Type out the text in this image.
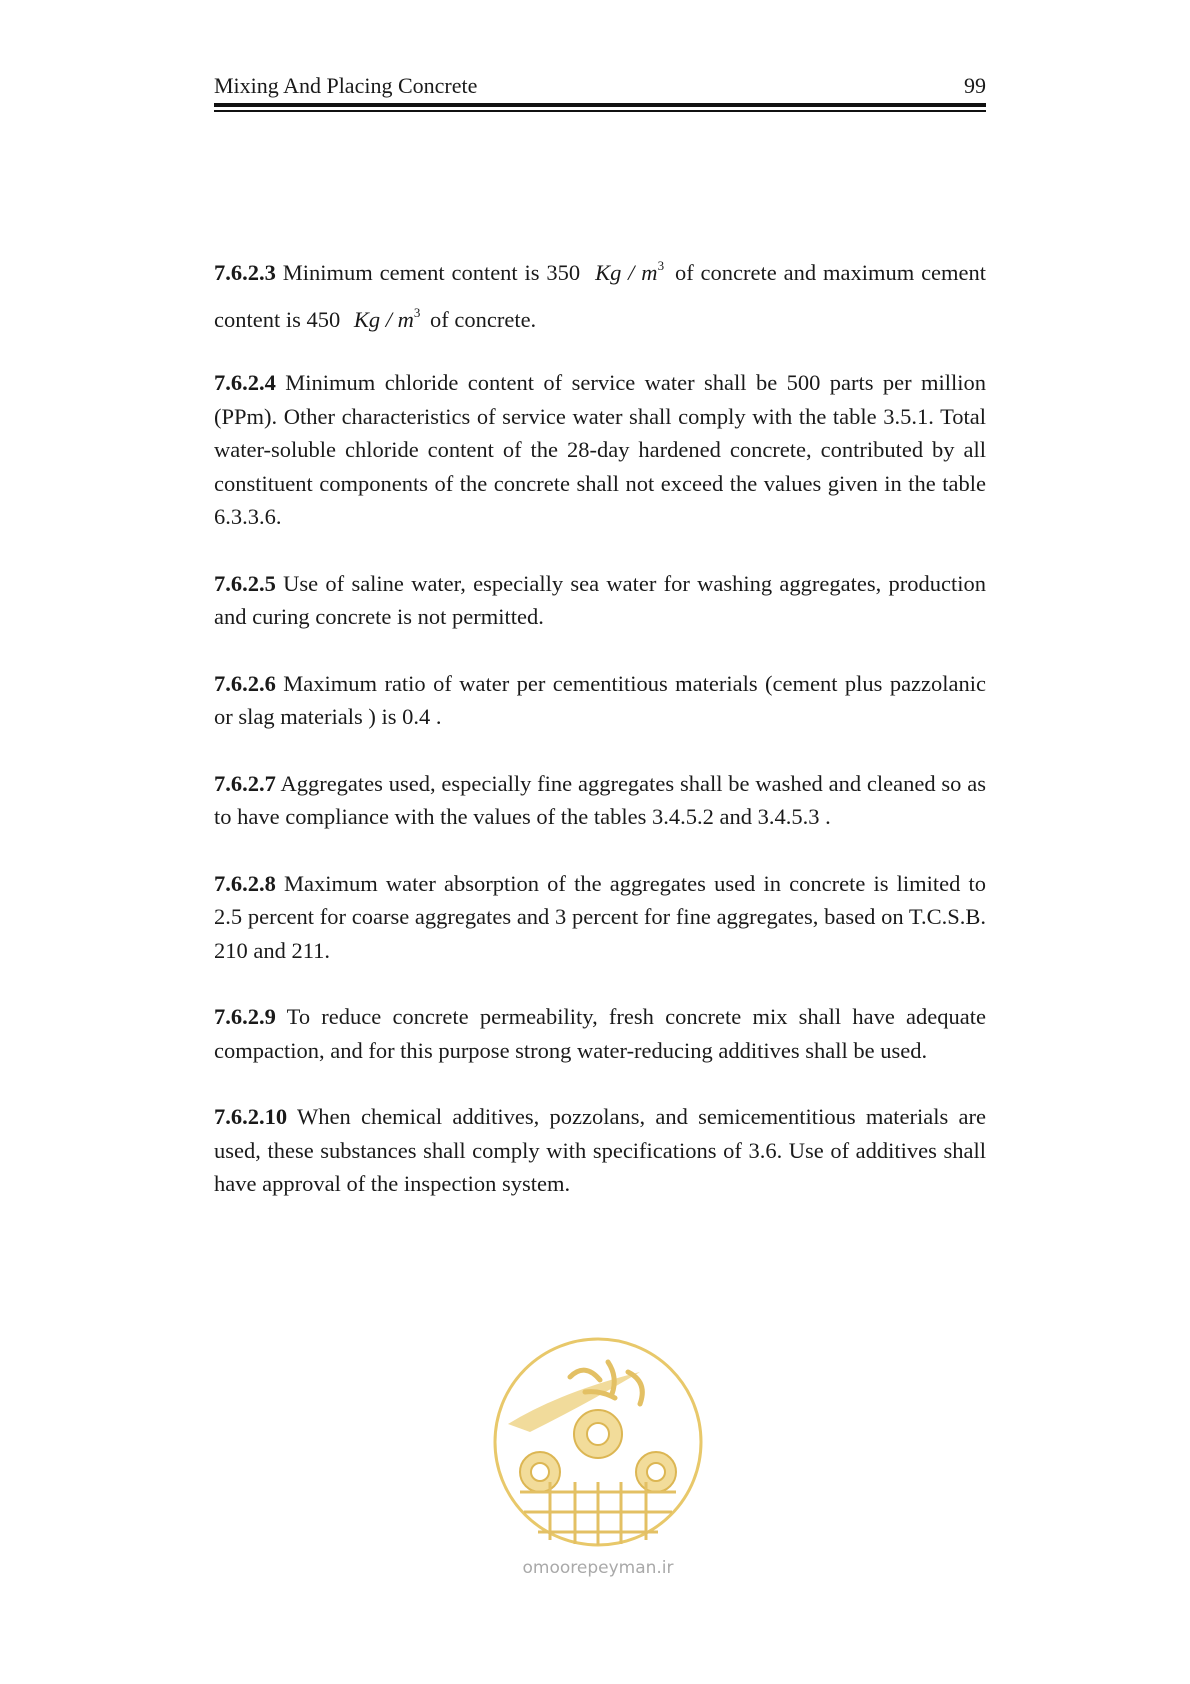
Mixing And Placing Concrete	99

7.6.2.3 Minimum cement content is 350 Kg / $m^3$ of concrete and maximum cement content is 450 Kg / $m^3$ of concrete.

7.6.2.4 Minimum chloride content of service water shall be 500 parts per million (PPm). Other characteristics of service water shall comply with the table 3.5.1. Total water-soluble chloride content of the 28-day hardened concrete, contributed by all constituent components of the concrete shall not exceed the values given in the table 6.3.3.6.

7.6.2.5 Use of saline water, especially sea water for washing aggregates, production and curing concrete is not permitted.

7.6.2.6 Maximum ratio of water per cementitious materials (cement plus pazzolanic or slag materials ) is 0.4 .

7.6.2.7 Aggregates used, especially fine aggregates shall be washed and cleaned so as to have compliance with the values of the tables 3.4.5.2 and 3.4.5.3 .

7.6.2.8 Maximum water absorption of the aggregates used in concrete is limited to 2.5 percent for coarse aggregates and 3 percent for fine aggregates, based on T.C.S.B. 210 and 211.

7.6.2.9 To reduce concrete permeability, fresh concrete mix shall have adequate compaction, and for this purpose strong water-reducing additives shall be used.

7.6.2.10 When chemical additives, pozzolans, and semicementitious materials are used, these substances shall comply with specifications of 3.6. Use of additives shall have approval of the inspection system.

omoorepeyman.ir
